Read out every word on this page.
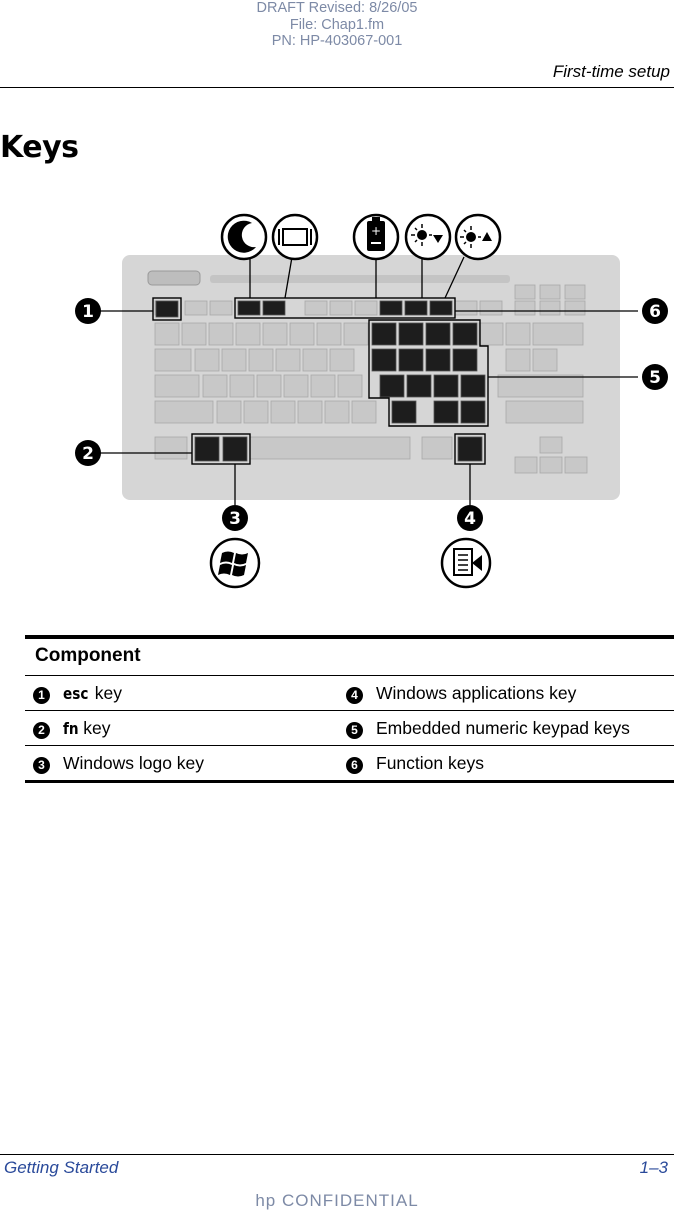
DRAFT Revised: 8/26/05
File: Chap1.fm
PN: HP-403067-001
First-time setup
Keys
1
2
3	4
5
6
+
Component			
1	esc key	4	Windows applications key
2	fn key	5	Embedded numeric keypad keys
3	Windows logo key	6	Function keys
Getting Started	1–3
hp CONFIDENTIAL
